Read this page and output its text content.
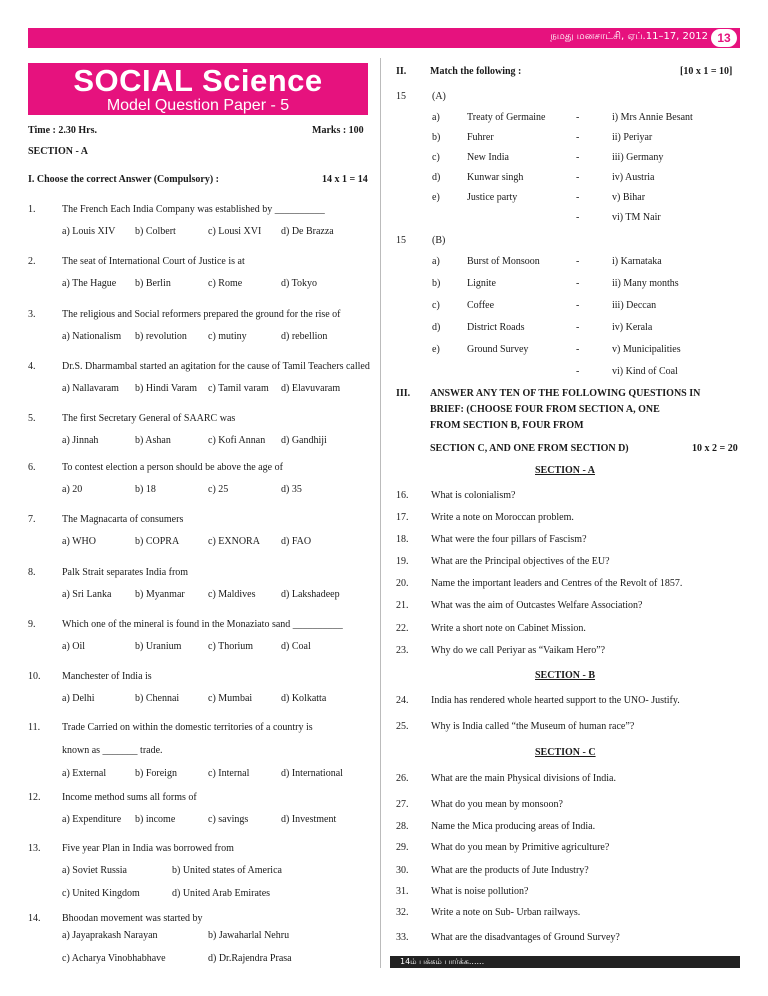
நமது மனசாட்சி, ஏப்.11–17, 2012 13
SOCIAL Science
Model Question Paper - 5
Time : 2.30 Hrs.	Marks : 100
SECTION - A
I. Choose the correct Answer (Compulsory) :	14 x 1 = 14
1.	The French Each India Company was established by __________
a) Louis XIV b) Colbert	c) Lousi XVI d) De Brazza
2.	The seat of International Court of Justice is at
a) The Hague b) Berlin	c) Rome	d) Tokyo
3.	The religious and Social reformers prepared the ground for the rise of
a) Nationalism b) revolution c) mutiny	d) rebellion
4.	Dr.S. Dharmambal started an agitation for the cause of Tamil Teachers called
a) Nallavaram b) Hindi Varam c) Tamil varam d) Elavuvaram
5.	The first Secretary General of SAARC was
a) Jinnah	b) Ashan	c) Kofi Annan d) Gandhiji
6.	To contest election a person should be above the age of
a) 20	b) 18	c) 25	d) 35
7.	The Magnacarta of consumers
a) WHO	b) COPRA	c) EXNORA d) FAO
8.	Palk Strait separates India from
a) Sri Lanka b) Myanmar c) Maldives	d) Lakshadeep
9.	Which one of the mineral is found in the Monaziato sand __________
a) Oil	b) Uranium	c) Thorium	d) Coal
10. Manchester of India is
a) Delhi	b) Chennai	c) Mumbai	d) Kolkatta
11. Trade Carried on within the domestic territories of a country is
known as _______ trade.
a) External	b) Foreign	c) Internal	d) International
12. Income method sums all forms of
a) Expenditure b) income	c) savings	d) Investment
13. Five year Plan in India was borrowed from
a) Soviet Russia	b) United states of America
c) United Kingdom	d) United Arab Emirates
14. Bhoodan movement was started by
a) Jayaprakash Narayan	b) Jawaharlal Nehru
c) Acharya Vinobhabhave	d) Dr.Rajendra Prasa
II. Match the following :	[10 x 1 = 10]
15	(A)
a)	Treaty of Germaine	-	i) Mrs Annie Besant
b)	Fuhrer	-	ii) Periyar
c)	New India	-	iii) Germany
d)	Kunwar singh	-	iv) Austria
e)	Justice party	-	v) Bihar
-	vi) TM Nair
15	(B)
a)	Burst of Monsoon	-	i) Karnataka
b)	Lignite	-	ii) Many months
c)	Coffee	-	iii) Deccan
d)	District Roads	-	iv) Kerala
e)	Ground Survey	-	v) Municipalities
-	vi) Kind of Coal
III. ANSWER ANY TEN OF THE FOLLOWING QUESTIONS IN
BRIEF: (CHOOSE FOUR FROM SECTION A, ONE
FROM SECTION B, FOUR FROM
SECTION C, AND ONE FROM SECTION D)	10 x 2 = 20
SECTION - A
16. What is colonialism?
17. Write a note on Moroccan problem.
18. What were the four pillars of Fascism?
19. What are the Principal objectives of the EU?
20. Name the important leaders and Centres of the Revolt of 1857.
21. What was the aim of Outcastes Welfare Association?
22. Write a short note on Cabinet Mission.
23. Why do we call Periyar as “Vaikam Hero”?
SECTION - B
24. India has rendered whole hearted support to the UNO- Justify.
25. Why is India called “the Museum of human race”?
SECTION - C
26. What are the main Physical divisions of India.
27. What do you mean by monsoon?
28. Name the Mica producing areas of India.
29. What do you mean by Primitive agriculture?
30. What are the products of Jute Industry?
31. What is noise pollution?
32. Write a note on Sub- Urban railways.
33. What are the disadvantages of Ground Survey?
14ம் பக்கம் பார்க்க......
